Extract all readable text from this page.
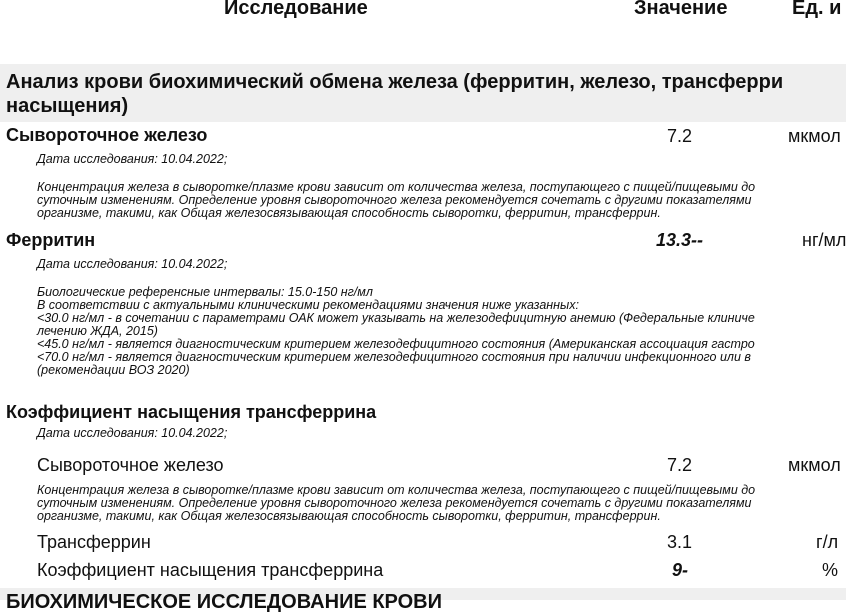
Исследование	Значение	Ед. и
Анализ крови биохимический обмена железа (ферритин, железо, трансферри
насыщения)
Сывороточное железо	7.2	мкмол
Дата исследования: 10.04.2022;
Концентрация железа в сыворотке/плазме крови зависит от количества железа, поступающего с пищей/пищевыми до
суточным изменениям. Определение уровня сывороточного железа рекомендуется сочетать с другими показателями
организме, такими, как Общая железосвязывающая способность сыворотки, ферритин, трансферрин.
Ферритин	13.3--	нг/мл
Дата исследования: 10.04.2022;
Биологические референсные интервалы: 15.0-150 нг/мл
В соответствии с актуальными клиническими рекомендациями значения ниже указанных:
<30.0 нг/мл - в сочетании с параметрами ОАК может указывать на железодефицитную анемию (Федеральные клиниче
лечению ЖДА, 2015)
<45.0 нг/мл - является диагностическим критерием железодефицитного состояния (Американская ассоциация гастро
<70.0 нг/мл - является диагностическим критерием железодефицитного состояния при наличии инфекционного или в
(рекомендации ВОЗ 2020)
Коэффициент насыщения трансферрина
Дата исследования: 10.04.2022;
Сывороточное железо	7.2	мкмол
Концентрация железа в сыворотке/плазме крови зависит от количества железа, поступающего с пищей/пищевыми до
суточным изменениям. Определение уровня сывороточного железа рекомендуется сочетать с другими показателями
организме, такими, как Общая железосвязывающая способность сыворотки, ферритин, трансферрин.
Трансферрин	3.1	г/л
Коэффициент насыщения трансферрина	9-	%
БИОХИМИЧЕСКОЕ ИССЛЕДОВАНИЕ КРОВИ
